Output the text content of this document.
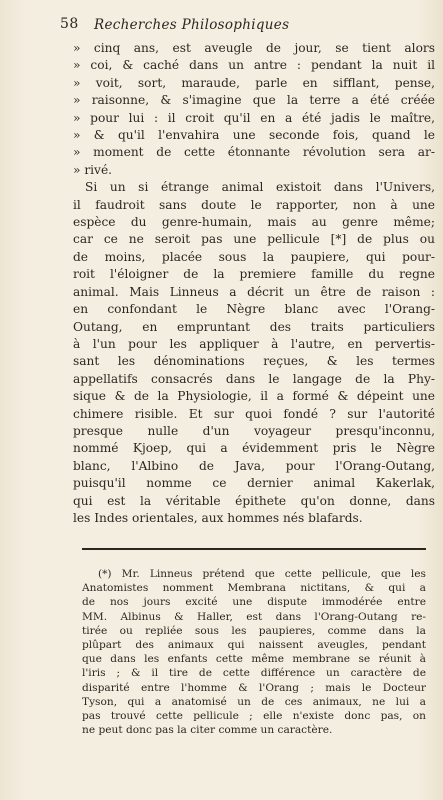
58 Recherches Philosophiques
» cinq ans, est aveugle de jour, se tient alors
» coi, & caché dans un antre : pendant la nuit il
» voit, sort, maraude, parle en sifflant, pense,
» raisonne, & s'imagine que la terre a été créée
» pour lui : il croit qu'il en a été jadis le maître,
» & qu'il l'envahira une seconde fois, quand le
» moment de cette étonnante révolution sera ar-
» rivé.
Si un si étrange animal existoit dans l'Univers,
il faudroit sans doute le rapporter, non à une
espèce du genre-humain, mais au genre même;
car ce ne seroit pas une pellicule [*] de plus ou
de moins, placée sous la paupiere, qui pour-
roit l'éloigner de la premiere famille du regne
animal. Mais Linneus a décrit un être de raison :
en confondant le Nègre blanc avec l'Orang-
Outang, en empruntant des traits particuliers
à l'un pour les appliquer à l'autre, en pervertis-
sant les dénominations reçues, & les termes
appellatifs consacrés dans le langage de la Phy-
sique & de la Physiologie, il a formé & dépeint une
chimere risible. Et sur quoi fondé ? sur l'autorité
presque nulle d'un voyageur presqu'inconnu,
nommé Kjoep, qui a évidemment pris le Nègre
blanc, l'Albino de Java, pour l'Orang-Outang,
puisqu'il nomme ce dernier animal Kakerlak,
qui est la véritable épithete qu'on donne, dans
les Indes orientales, aux hommes nés blafards.
(*) Mr. Linneus prétend que cette pellicule, que les
Anatomistes nomment Membrana nictitans, & qui a
de nos jours excité une dispute immodérée entre
MM. Albinus & Haller, est dans l'Orang-Outang re-
tirée ou repliée sous les paupieres, comme dans la
plûpart des animaux qui naissent aveugles, pendant
que dans les enfants cette même membrane se réunit à
l'iris ; & il tire de cette différence un caractère de
disparité entre l'homme & l'Orang ; mais le Docteur
Tyson, qui a anatomisé un de ces animaux, ne lui a
pas trouvé cette pellicule ; elle n'existe donc pas, on
ne peut donc pas la citer comme un caractère.
